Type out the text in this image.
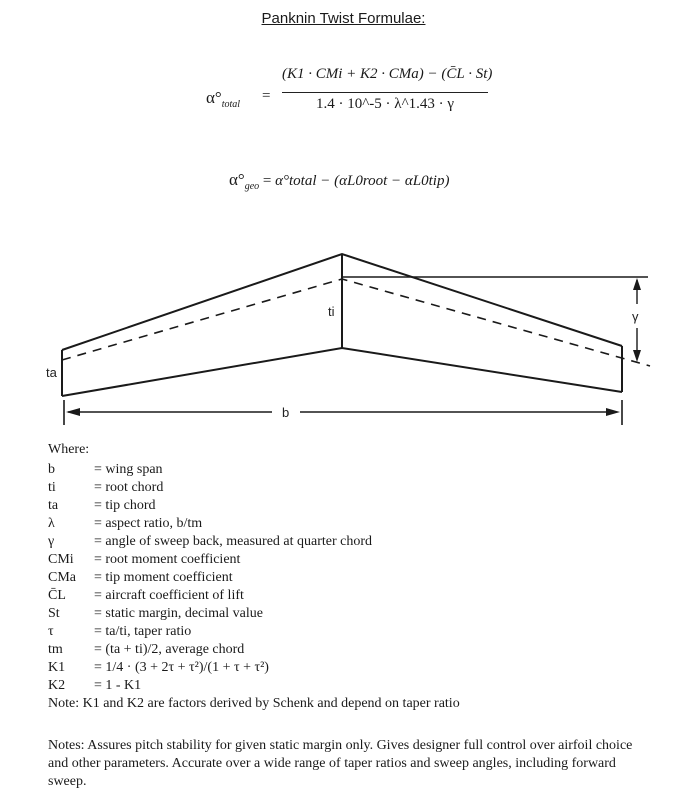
Panknin Twist Formulae:
$\alpha^\circ_{total}$
=
(K1 · CMi + K2 · CMa) − (C̄L · St)
1.4 · 10^-5 · λ^1.43 · γ
$\alpha^\circ_{geo}$ = α°total − (αL0root − αL0tip)
γ
b
ta
ti
Where:
b	= wing span
ti	= root chord
ta	= tip chord
λ	= aspect ratio, b/tm
γ	= angle of sweep back, measured at quarter chord
CMi	= root moment coefficient
CMa	= tip moment coefficient
C̄L	= aircraft coefficient of lift
St	= static margin, decimal value
τ	= ta/ti, taper ratio
tm	= (ta + ti)/2, average chord
K1	= 1/4 · (3 + 2τ + τ²)/(1 + τ + τ²)
K2	= 1 - K1
Note: K1 and K2 are factors derived by Schenk and depend on taper ratio
Notes: Assures pitch stability for given static margin only. Gives designer full control over airfoil choice and other parameters. Accurate over a wide range of taper ratios and sweep angles, including forward sweep.
